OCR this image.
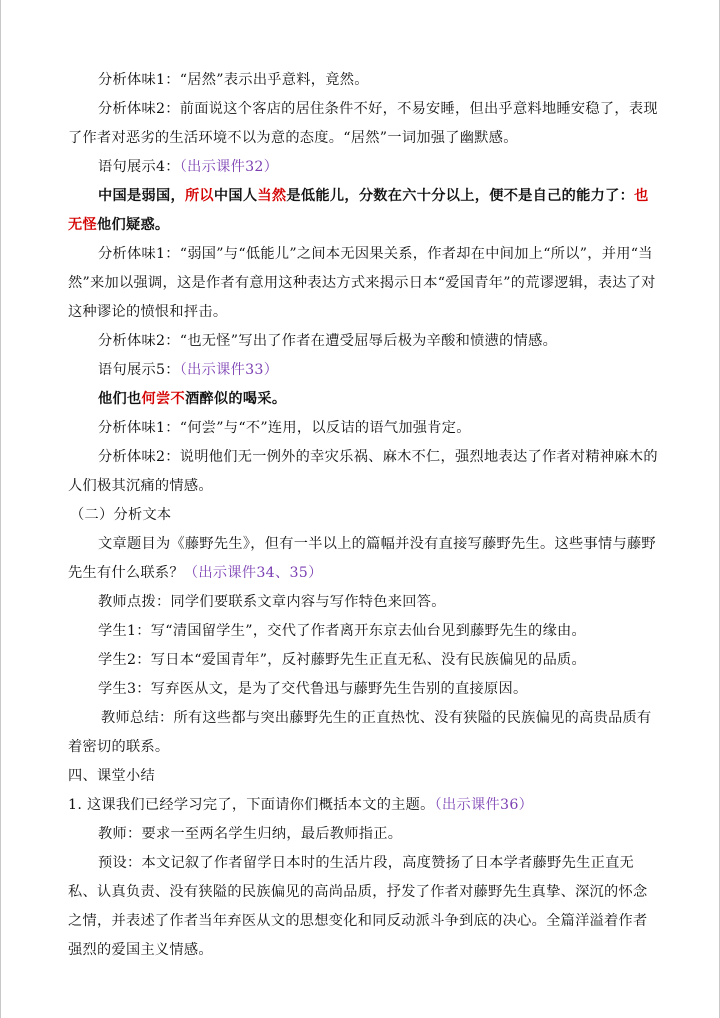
分析体味1：“居然”表示出乎意料，竟然。

分析体味2：前面说这个客店的居住条件不好，不易安睡，但出乎意料地睡安稳了，表现了作者对恶劣的生活环境不以为意的态度。“居然”一词加强了幽默感。

语句展示4：（出示课件32）

中国是弱国，所以中国人当然是低能儿，分数在六十分以上，便不是自己的能力了：也无怪他们疑惑。

分析体味1：“弱国”与“低能儿”之间本无因果关系，作者却在中间加上“所以”，并用“当然”来加以强调，这是作者有意用这种表达方式来揭示日本“爱国青年”的荒谬逻辑，表达了对这种谬论的愤恨和抨击。

分析体味2：“也无怪”写出了作者在遭受屈辱后极为辛酸和愤懑的情感。

语句展示5：（出示课件33）

他们也何尝不酒醉似的喝采。

分析体味1：“何尝”与“不”连用，以反诘的语气加强肯定。

分析体味2：说明他们无一例外的幸灾乐祸、麻木不仁，强烈地表达了作者对精神麻木的人们极其沉痛的情感。

（二）分析文本

文章题目为《藤野先生》，但有一半以上的篇幅并没有直接写藤野先生。这些事情与藤野先生有什么联系？（出示课件34、35）

教师点拨：同学们要联系文章内容与写作特色来回答。

学生1：写“清国留学生”，交代了作者离开东京去仙台见到藤野先生的缘由。

学生2：写日本“爱国青年”，反衬藤野先生正直无私、没有民族偏见的品质。

学生3：写弃医从文，是为了交代鲁迅与藤野先生告别的直接原因。

教师总结：所有这些都与突出藤野先生的正直热忱、没有狭隘的民族偏见的高贵品质有着密切的联系。

四、课堂小结

1. 这课我们已经学习完了，下面请你们概括本文的主题。（出示课件36）

教师：要求一至两名学生归纳，最后教师指正。

预设：本文记叙了作者留学日本时的生活片段，高度赞扬了日本学者藤野先生正直无私、认真负责、没有狭隘的民族偏见的高尚品质，抒发了作者对藤野先生真挚、深沉的怀念之情，并表述了作者当年弃医从文的思想变化和同反动派斗争到底的决心。全篇洋溢着作者强烈的爱国主义情感。
